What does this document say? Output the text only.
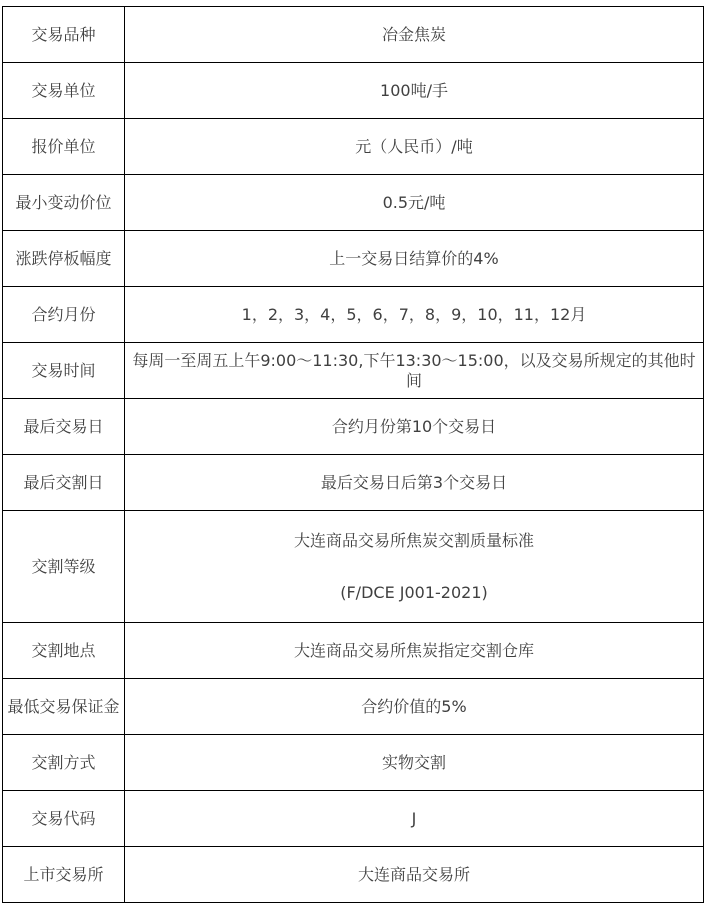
交易品种	冶金焦炭

交易单位	100吨/手

报价单位	元（人民币）/吨

最小变动价位	0.5元/吨

涨跌停板幅度	上一交易日结算价的4%

合约月份	1，2，3，4，5，6，7，8，9，10，11，12月

交易时间	每周一至周五上午9:00～11:30,下午13:30～15:00，以及交易所规定的其他时间

最后交易日	合约月份第10个交易日

最后交割日	最后交易日后第3个交易日

交割等级	大连商品交易所焦炭交割质量标准

(F/DCE J001-2021)

交割地点	大连商品交易所焦炭指定交割仓库

最低交易保证金	合约价值的5%

交割方式	实物交割

交易代码	J

上市交易所	大连商品交易所
